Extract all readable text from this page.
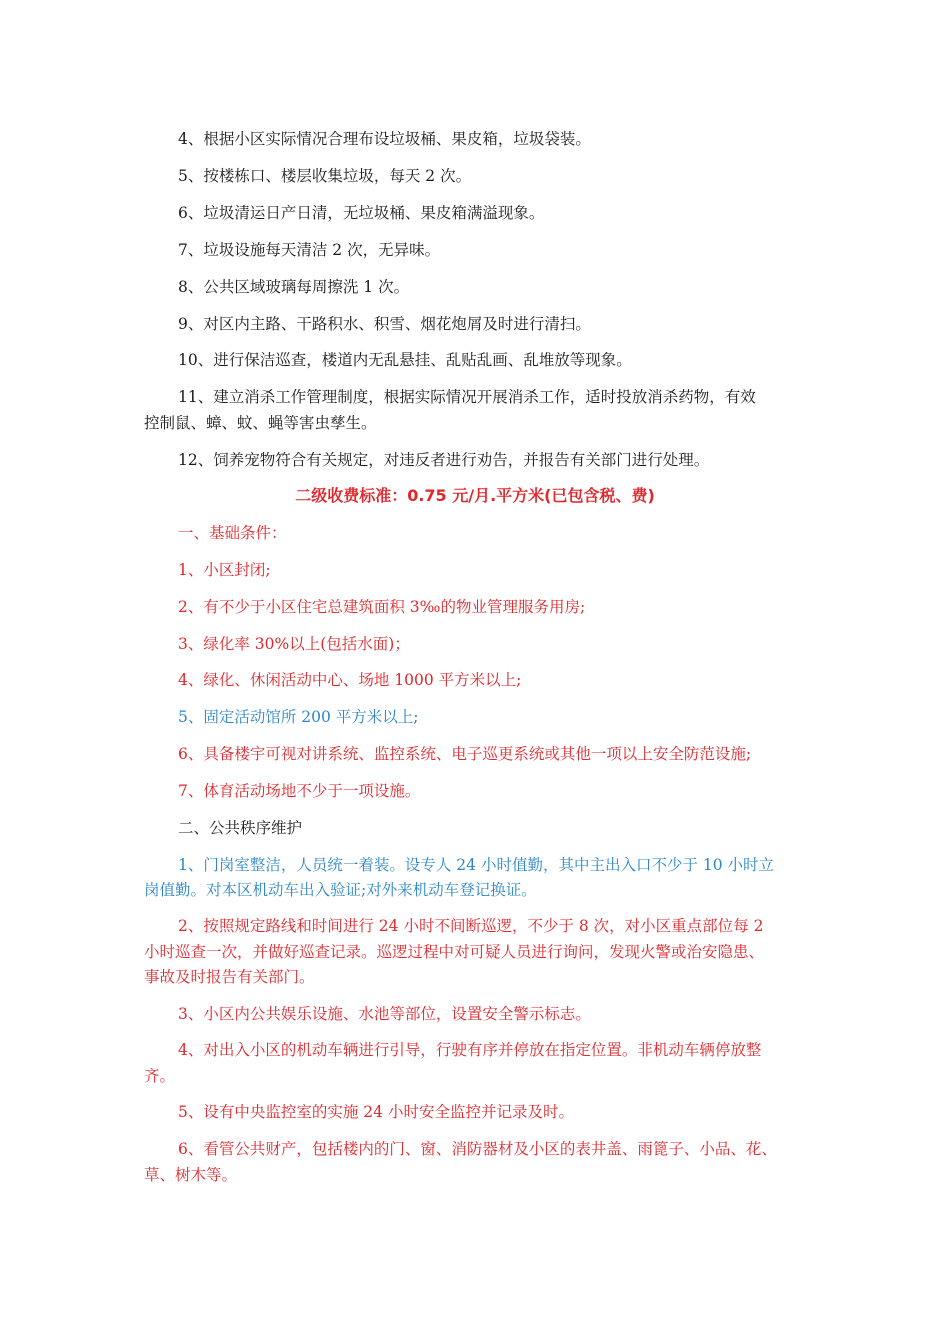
4、根据小区实际情况合理布设垃圾桶、果皮箱，垃圾袋装。
5、按楼栋口、楼层收集垃圾，每天 2 次。
6、垃圾清运日产日清，无垃圾桶、果皮箱满溢现象。
7、垃圾设施每天清洁 2 次，无异味。
8、公共区域玻璃每周擦洗 1 次。
9、对区内主路、干路积水、积雪、烟花炮屑及时进行清扫。
10、进行保洁巡查，楼道内无乱悬挂、乱贴乱画、乱堆放等现象。
11、建立消杀工作管理制度，根据实际情况开展消杀工作，适时投放消杀药物，有效
控制鼠、蟑、蚊、蝇等害虫孳生。
12、饲养宠物符合有关规定，对违反者进行劝告，并报告有关部门进行处理。
二级收费标准：0.75 元/月.平方米(已包含税、费)
一、基础条件：
1、小区封闭;
2、有不少于小区住宅总建筑面积 3‰的物业管理服务用房;
3、绿化率 30%以上(包括水面)；
4、绿化、休闲活动中心、场地 1000 平方米以上;
5、固定活动馆所 200 平方米以上;
6、具备楼宇可视对讲系统、监控系统、电子巡更系统或其他一项以上安全防范设施;
7、体育活动场地不少于一项设施。
二、公共秩序维护
1、门岗室整洁，人员统一着装。设专人 24 小时值勤，其中主出入口不少于 10 小时立
岗值勤。对本区机动车出入验证;对外来机动车登记换证。
2、按照规定路线和时间进行 24 小时不间断巡逻，不少于 8 次，对小区重点部位每 2
小时巡查一次，并做好巡查记录。巡逻过程中对可疑人员进行询问，发现火警或治安隐患、
事故及时报告有关部门。
3、小区内公共娱乐设施、水池等部位，设置安全警示标志。
4、对出入小区的机动车辆进行引导，行驶有序并停放在指定位置。非机动车辆停放整
齐。
5、设有中央监控室的实施 24 小时安全监控并记录及时。
6、看管公共财产，包括楼内的门、窗、消防器材及小区的表井盖、雨篦子、小品、花、
草、树木等。
